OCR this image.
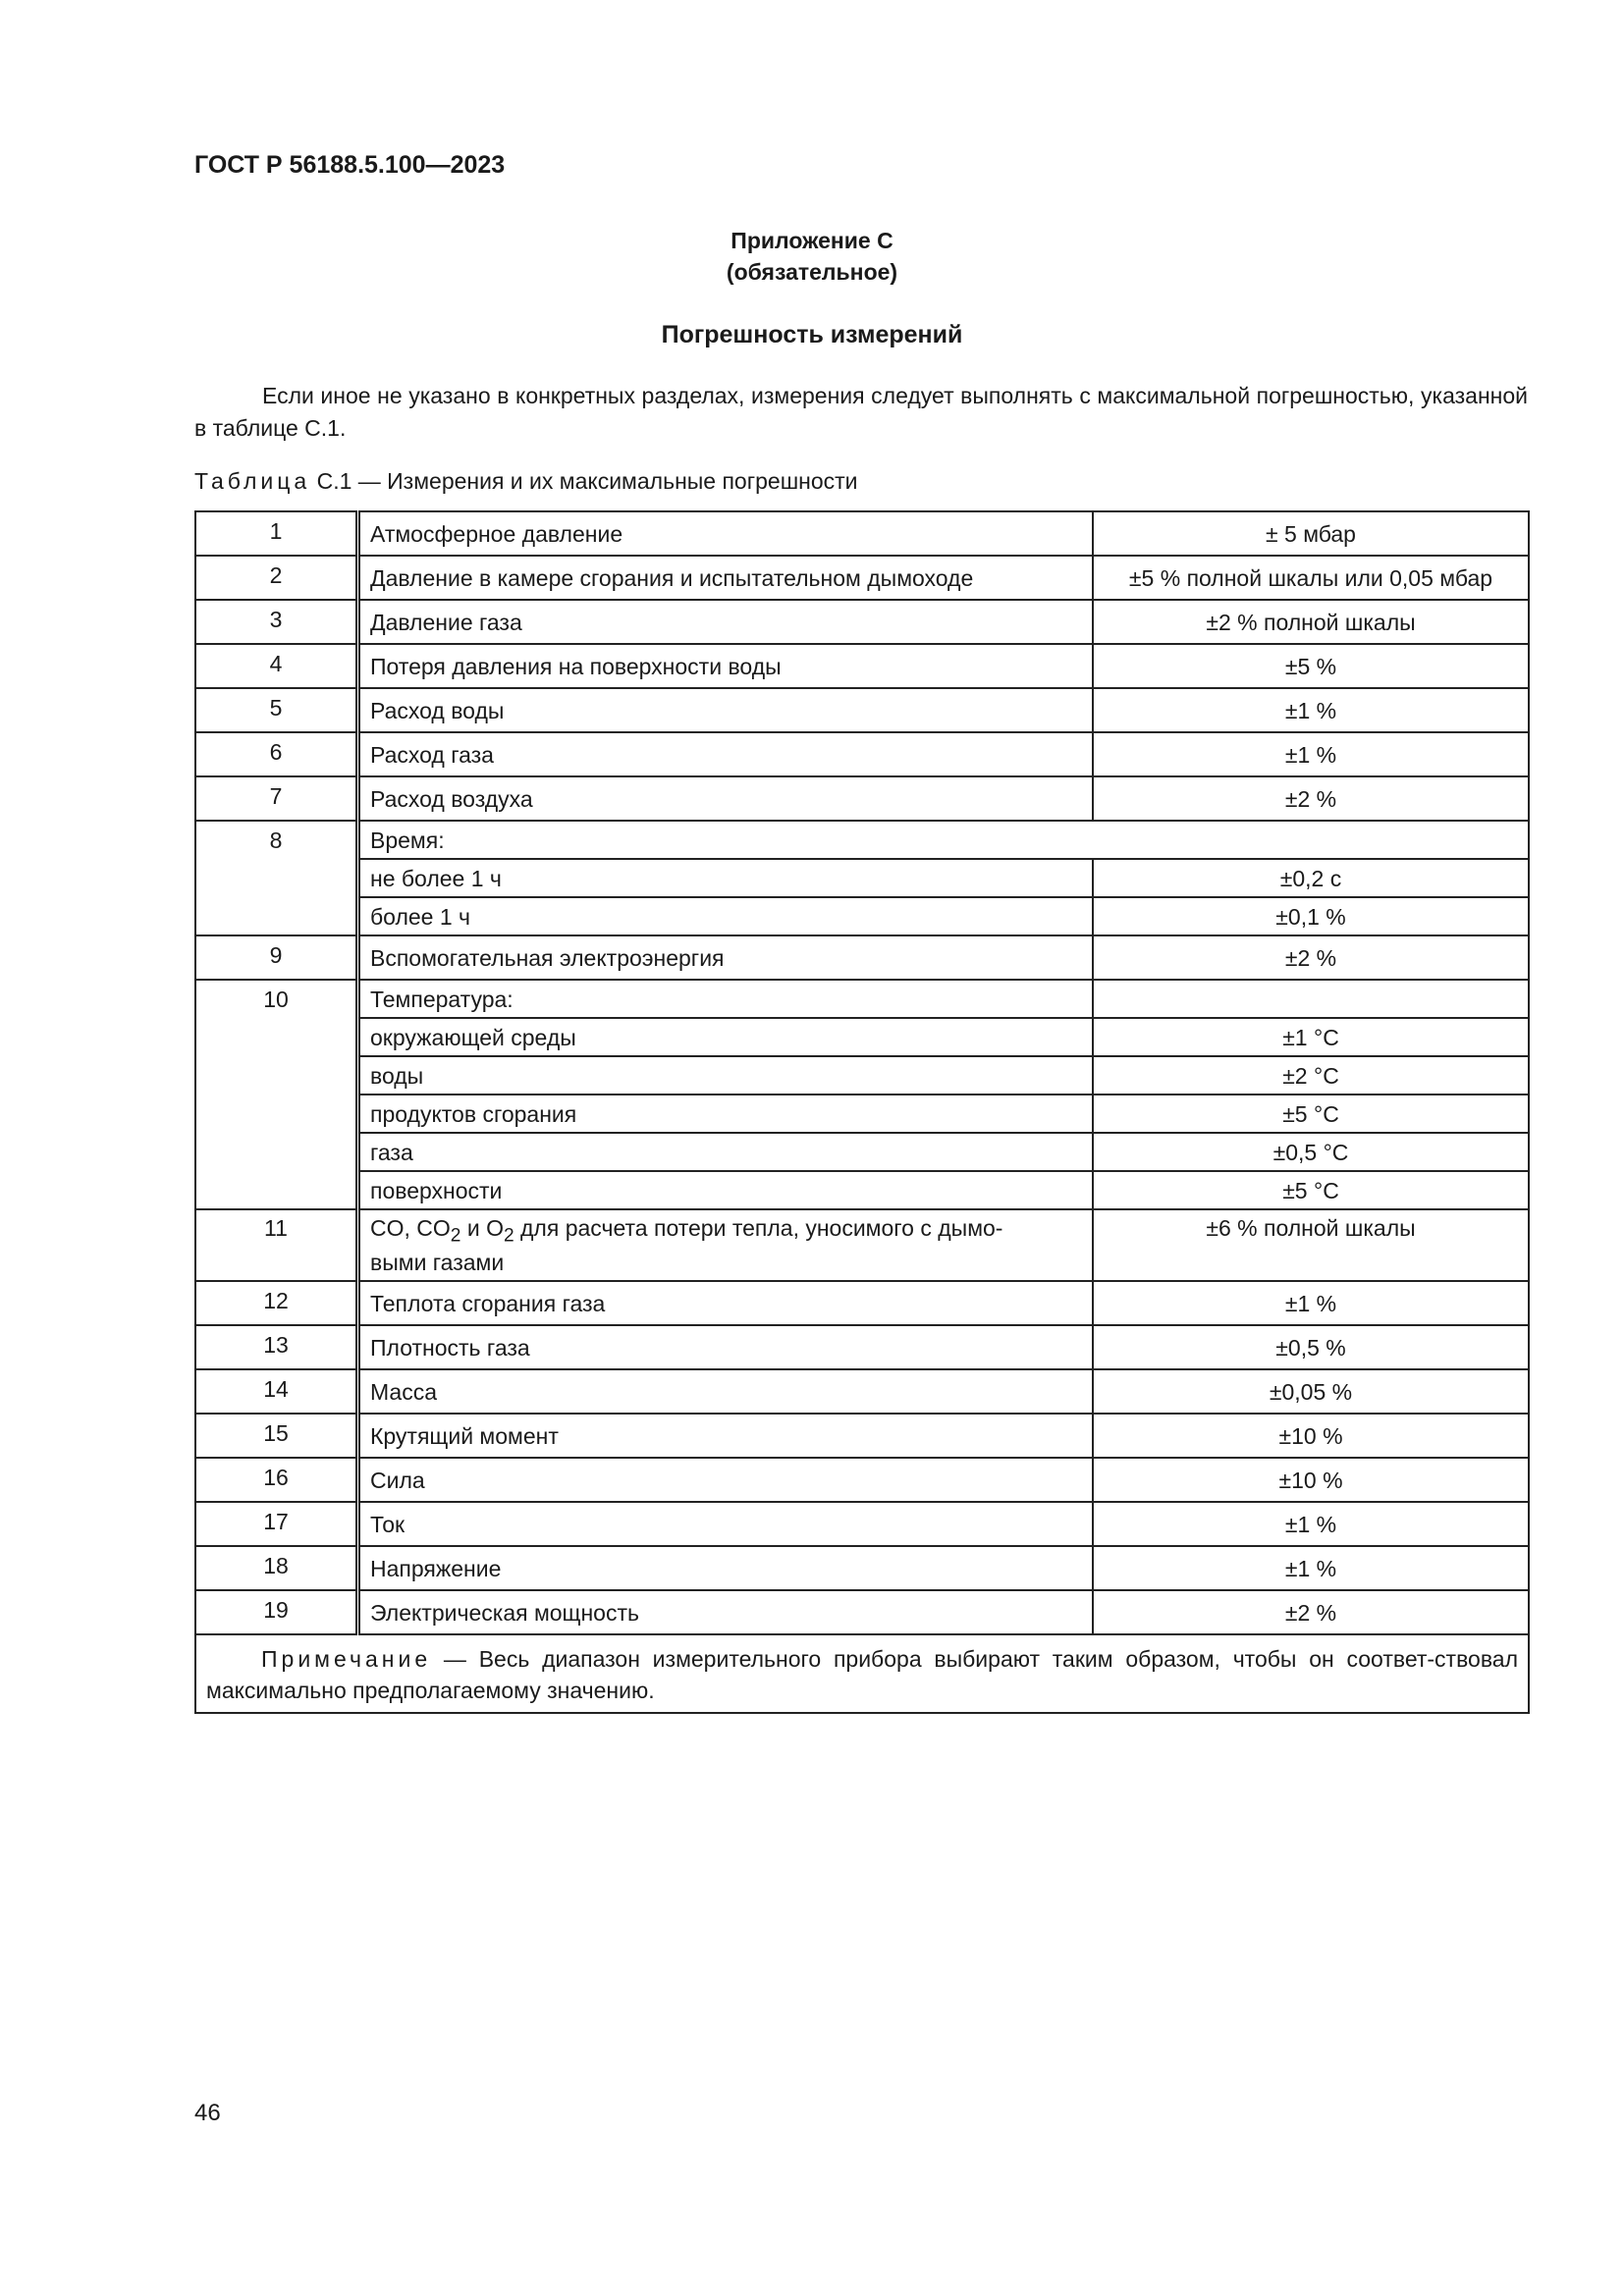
ГОСТ Р 56188.5.100—2023
Приложение С
(обязательное)
Погрешность измерений

Если иное не указано в конкретных разделах, измерения следует выполнять с максимальной погрешностью, указанной в таблице С.1.

Таблица С.1 — Измерения и их максимальные погрешности
1	Атмосферное давление	± 5 мбар
2	Давление в камере сгорания и испытательном дымоходе	±5 % полной шкалы или 0,05 мбар
3	Давление газа	±2 % полной шкалы
4	Потеря давления на поверхности воды	±5 %
5	Расход воды	±1 %
6	Расход газа	±1 %
7	Расход воздуха	±2 %
8	Время:	
	не более 1 ч	±0,2 с
	более 1 ч	±0,1 %
9	Вспомогательная электроэнергия	±2 %
10	Температура:	
	окружающей среды	±1 °C
	воды	±2 °C
	продуктов сгорания	±5 °C
	газа	±0,5 °C
	поверхности	±5 °C
11	CO, $CO_2$ и $O_2$ для расчета потери тепла, уносимого с дымо-
выми газами	±6 % полной шкалы
12	Теплота сгорания газа	±1 %
13	Плотность газа	±0,5 %
14	Масса	±0,05 %
15	Крутящий момент	±10 %
16	Сила	±10 %
17	Ток	±1 %
18	Напряжение	±1 %
19	Электрическая мощность	±2 %
Примечание — Весь диапазон измерительного прибора выбирают таким образом, чтобы он соответ-ствовал максимально предполагаемому значению.		
46
